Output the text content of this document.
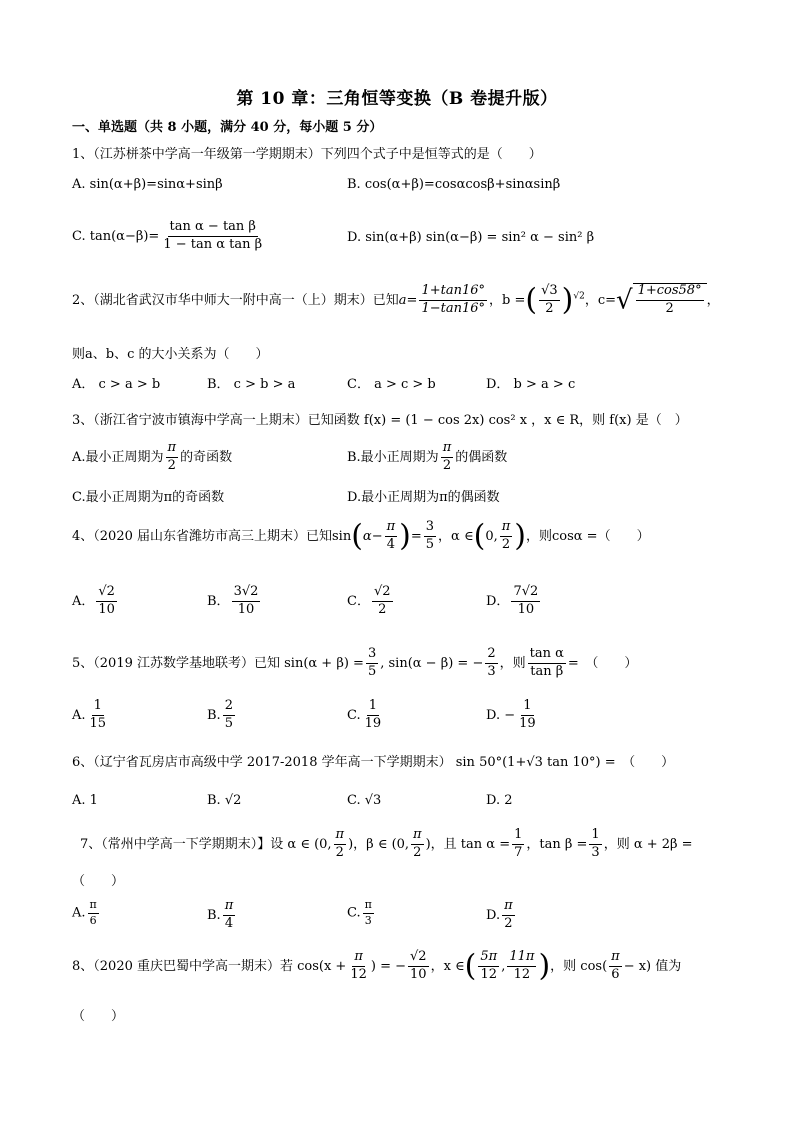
第 10 章：三角恒等变换（B 卷提升版）
一、单选题（共 8 小题，满分 40 分，每小题 5 分）
1、（江苏栟茶中学高一年级第一学期期末）下列四个式子中是恒等式的是（　　）
A. sin(α+β)=sinα+sinβ	B. cos(α+β)=cosαcosβ+sinαsinβ
C. $\tan(\alpha-\beta)= \frac{\text{tan α − tan β}}{\text{1 − tan α tan β}}$	D. sin(α+β) sin(α−β) = sin² α − sin² β
2、（湖北省武汉市华中师大一附中高一（上）期末）已知$a= \frac{1+\tan 16^\circ}{1-\tan 16^\circ}$ ，b =( $\frac{√3}{2} )^{√2}$，$c=√ \frac{1+\cos 58^\circ}{2}$ ，
则a、b、c 的大小关系为（　　）
A． c > a > b	B． c > b > a	C． a > c > b	D． b > a > c
3、（浙江省宁波市镇海中学高一上期末）已知函数 f(x) = (1 − cos 2x) cos² x ，x ∈ R，则 f(x) 是（　）
A.最小正周期为 $\frac{\pi}{2}$ 的奇函数	B.最小正周期为 $\frac{\pi}{2}$ 的偶函数
C.最小正周期为π的奇函数	D.最小正周期为π的偶函数
4、（2020 届山东省潍坊市高三上期末）已知$\sin(\alpha- \frac{\pi}{4}$ )= $\frac{3}{5}$ ，α ∈(0, $\frac{\pi}{2}$ )，则cosα =（　　）
A． $\frac{√2}{10}$	B． $\frac{3√2}{10}$	C． $\frac{√2}{2}$	D． $\frac{7√2}{10}$
5、（2019 江苏数学基地联考）已知 $\sin(\alpha + \beta) = \frac{3}{5}$ , sin(α − β) = − $\frac{2}{3}$ ，则 $\frac{\text{tan α}}{\text{tan β}}$ =　（　　）
A. $\frac{1}{15}$	B. $\frac{2}{5}$	C. $\frac{1}{19}$	D. − $\frac{1}{19}$
6、（辽宁省瓦房店市高级中学 2017-2018 学年高一下学期期末） sin 50°(1+√3 tan 10°) =　（　　）
A. 1	B. √2	C. √3	D. 2
7、（常州中学高一下学期期末）】设 α ∈ (0, $\frac{\pi}{2}$ )，β ∈ (0, $\frac{\pi}{2}$ )，且 $\tan \alpha = \frac{1}{7}$ ，$\tan \beta = \frac{1}{3}$ ，则 α + 2β =
（　　）
A. $\frac{\pi}{6}$	B. $\frac{\pi}{4}$	C. $\frac{\pi}{3}$	D. $\frac{\pi}{2}$
8、（2020 重庆巴蜀中学高一期末）若 $\cos(x + \frac{\pi}{12}$ ) = − $\frac{√2}{10}$ ，x ∈( $\frac{5\pi}{12}$ , $\frac{11\pi}{12}$ )，则 $\cos( \frac{\pi}{6} - x)$ 值为
（　　）
